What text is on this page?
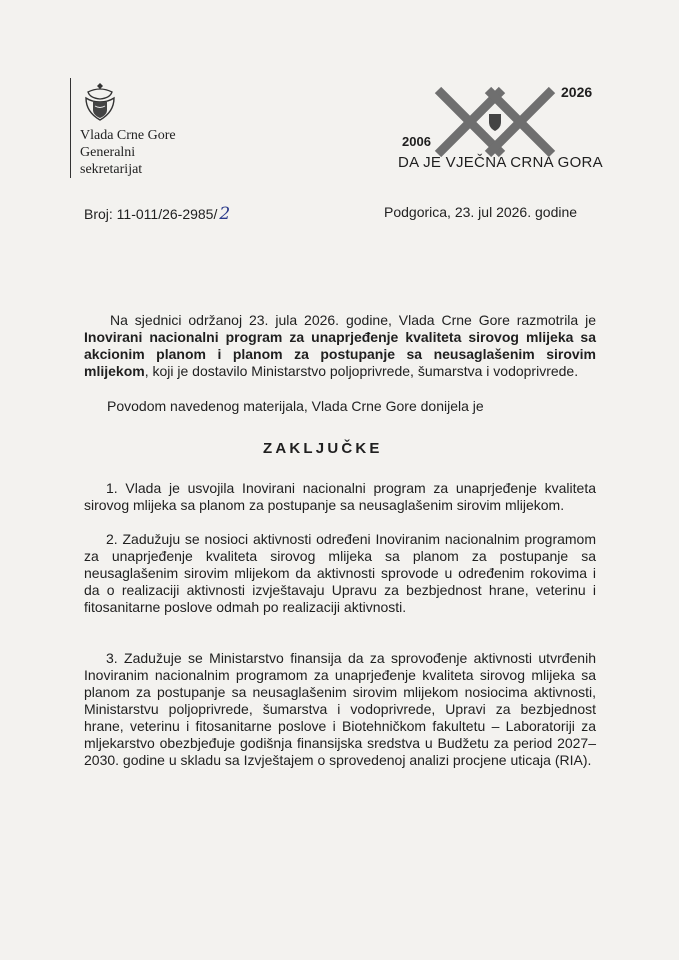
Vlada Crne Gore
Generalni
sekretarijat
2026
2006
DA JE VJEČNA CRNA GORA
Broj: 11-011/26-2985/ 2	Podgorica, 23. jul 2026. godine
Na sjednici održanoj 23. jula 2026. godine, Vlada Crne Gore razmotrila je Inovirani nacionalni program za unaprjeđenje kvaliteta sirovog mlijeka sa akcionim planom i planom za postupanje sa neusaglašenim sirovim mlijekom, koji je dostavilo Ministarstvo poljoprivrede, šumarstva i vodoprivrede.
Povodom navedenog materijala, Vlada Crne Gore donijela je
ZAKLJUČKE
1. Vlada je usvojila Inovirani nacionalni program za unaprjeđenje kvaliteta sirovog mlijeka sa planom za postupanje sa neusaglašenim sirovim mlijekom.
2. Zadužuju se nosioci aktivnosti određeni Inoviranim nacionalnim programom za unaprjeđenje kvaliteta sirovog mlijeka sa planom za postupanje sa neusaglašenim sirovim mlijekom da aktivnosti sprovode u određenim rokovima i da o realizaciji aktivnosti izvještavaju Upravu za bezbjednost hrane, veterinu i fitosanitarne poslove odmah po realizaciji aktivnosti.
3. Zadužuje se Ministarstvo finansija da za sprovođenje aktivnosti utvrđenih Inoviranim nacionalnim programom za unaprjeđenje kvaliteta sirovog mlijeka sa planom za postupanje sa neusaglašenim sirovim mlijekom nosiocima aktivnosti, Ministarstvu poljoprivrede, šumarstva i vodoprivrede, Upravi za bezbjednost hrane, veterinu i fitosanitarne poslove i Biotehničkom fakultetu – Laboratoriji za mljekarstvo obezbjeđuje godišnja finansijska sredstva u Budžetu za period 2027–2030. godine u skladu sa Izvještajem o sprovedenoj analizi procjene uticaja (RIA).
